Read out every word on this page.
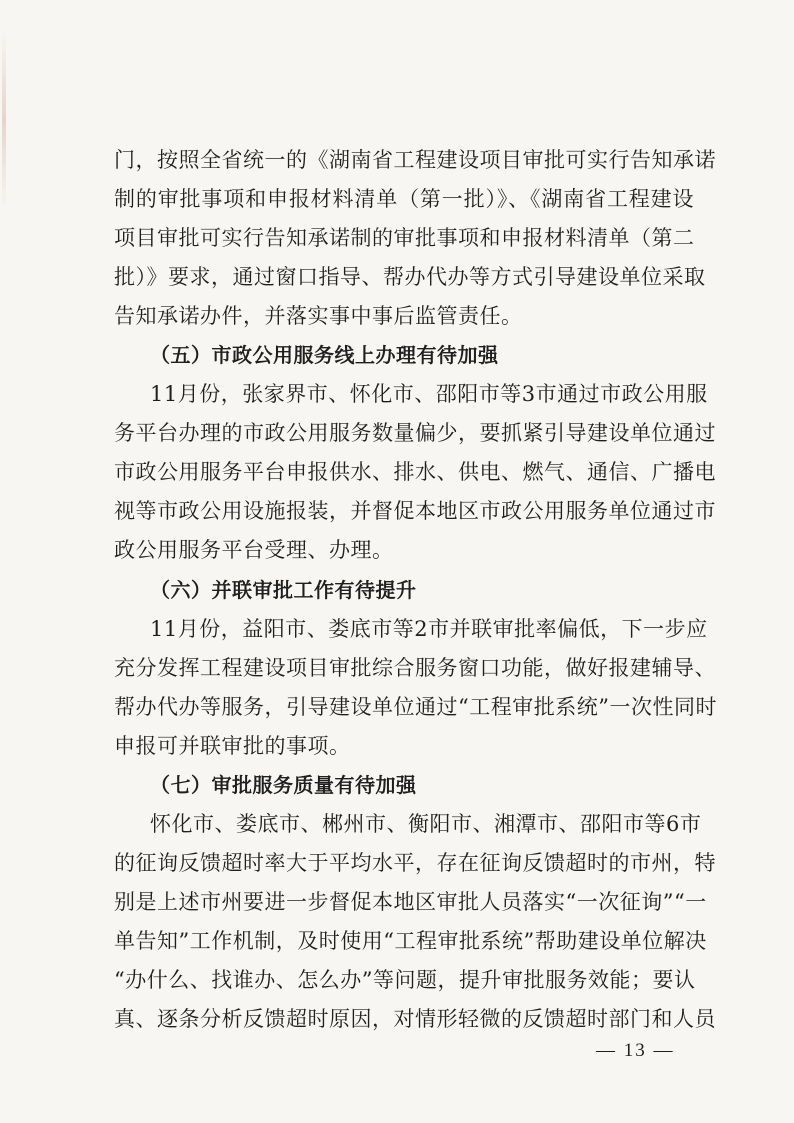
门，按照全省统一的《湖南省工程建设项目审批可实行告知承诺
制的审批事项和申报材料清单（第一批）》、《湖南省工程建设
项目审批可实行告知承诺制的审批事项和申报材料清单（第二
批）》要求，通过窗口指导、帮办代办等方式引导建设单位采取
告知承诺办件，并落实事中事后监管责任。
（五）市政公用服务线上办理有待加强
11月份，张家界市、怀化市、邵阳市等3市通过市政公用服
务平台办理的市政公用服务数量偏少，要抓紧引导建设单位通过
市政公用服务平台申报供水、排水、供电、燃气、通信、广播电
视等市政公用设施报装，并督促本地区市政公用服务单位通过市
政公用服务平台受理、办理。
（六）并联审批工作有待提升
11月份，益阳市、娄底市等2市并联审批率偏低，下一步应
充分发挥工程建设项目审批综合服务窗口功能，做好报建辅导、
帮办代办等服务，引导建设单位通过“工程审批系统”一次性同时
申报可并联审批的事项。
（七）审批服务质量有待加强
怀化市、娄底市、郴州市、衡阳市、湘潭市、邵阳市等6市
的征询反馈超时率大于平均水平，存在征询反馈超时的市州，特
别是上述市州要进一步督促本地区审批人员落实“一次征询”“一
单告知”工作机制，及时使用“工程审批系统”帮助建设单位解决
“办什么、找谁办、怎么办”等问题，提升审批服务效能；要认
真、逐条分析反馈超时原因，对情形轻微的反馈超时部门和人员
— 13 —
